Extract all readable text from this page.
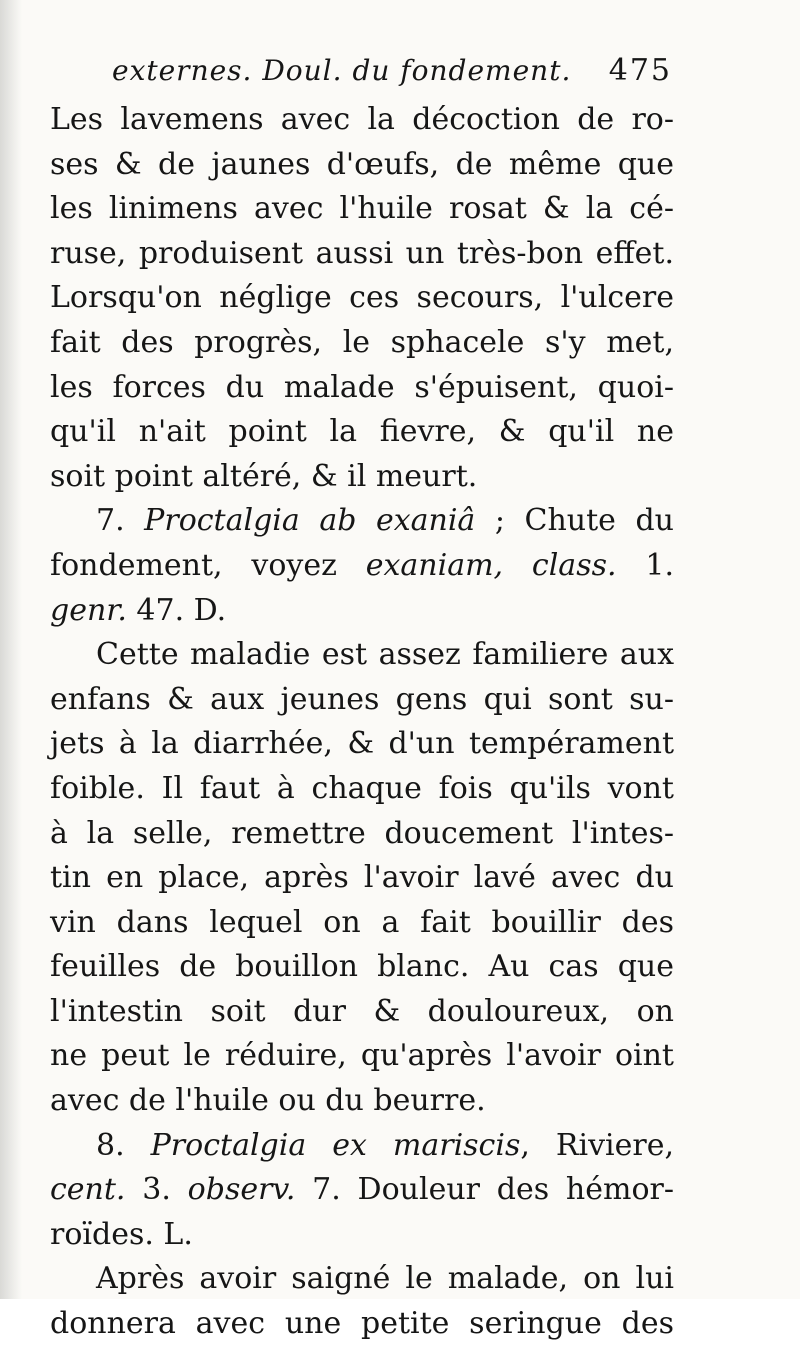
externes. Doul. du fondement. 475
Les lavemens avec la décoction de ro-
ses & de jaunes d'œufs, de même que
les linimens avec l'huile rosat & la cé-
ruse, produisent aussi un très-bon effet.
Lorsqu'on néglige ces secours, l'ulcere
fait des progrès, le sphacele s'y met,
les forces du malade s'épuisent, quoi-
qu'il n'ait point la fievre, & qu'il ne
soit point altéré, & il meurt.
7. Proctalgia ab exaniâ ; Chute du
fondement, voyez exaniam, class. 1.
genr. 47. D.
Cette maladie est assez familiere aux
enfans & aux jeunes gens qui sont su-
jets à la diarrhée, & d'un tempérament
foible. Il faut à chaque fois qu'ils vont
à la selle, remettre doucement l'intes-
tin en place, après l'avoir lavé avec du
vin dans lequel on a fait bouillir des
feuilles de bouillon blanc. Au cas que
l'intestin soit dur & douloureux, on
ne peut le réduire, qu'après l'avoir oint
avec de l'huile ou du beurre.
8. Proctalgia ex mariscis, Riviere,
cent. 3. observ. 7. Douleur des hémor-
roïdes. L.
Après avoir saigné le malade, on lui
donnera avec une petite seringue des
